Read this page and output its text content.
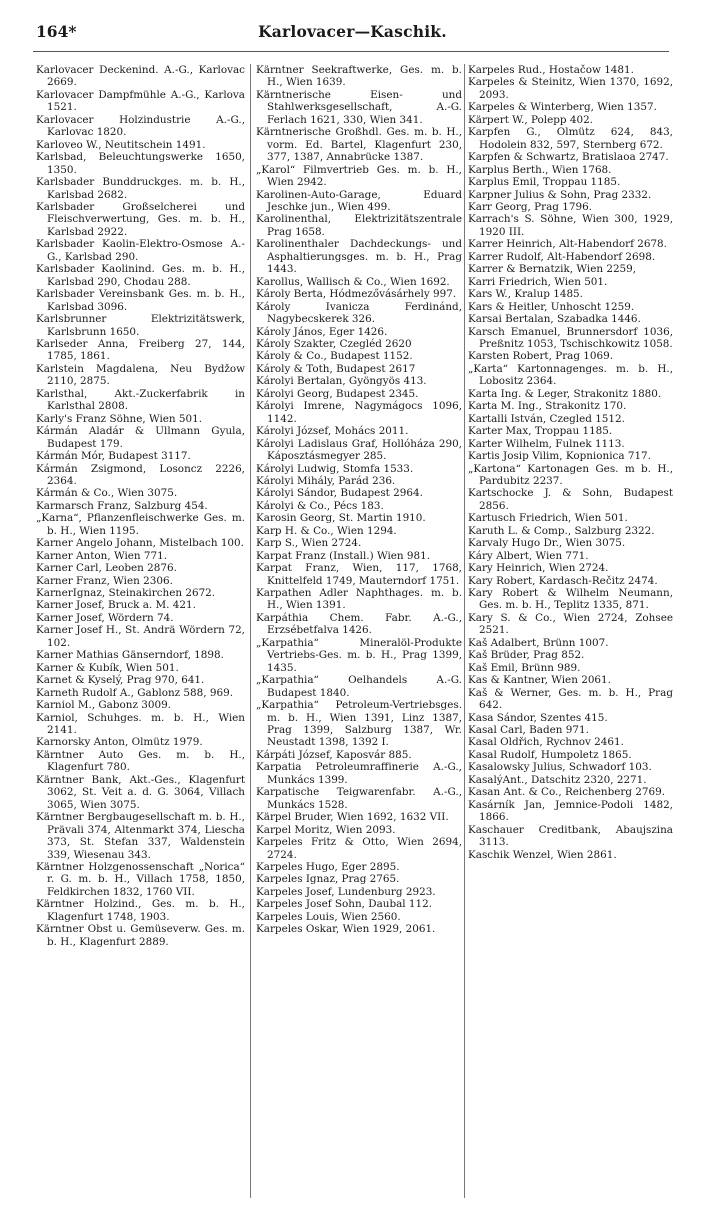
164*	Karlovacer—Kaschik.

Karlovacer Deckenind. A.-G., Karlovac 2669.

Karlovacer Dampfmühle A.-G., Karlova 1521.

Karlovacer Holzindustrie A.-G., Karlovac 1820.

Karloveo W., Neutitschein 1491.

Karlsbad, Beleuchtungswerke 1650, 1350.

Karlsbader Bunddruckges. m. b. H., Karlsbad 2682.

Karlsbader Großselcherei und Fleischverwertung, Ges. m. b. H., Karlsbad 2922.

Karlsbader Kaolin-Elektro-Osmose A.-G., Karlsbad 290.

Karlsbader Kaolinind. Ges. m. b. H., Karlsbad 290, Chodau 288.

Karlsbader Vereinsbank Ges. m. b. H., Karlsbad 3096.

Karlsbrunner Elektrizitätswerk, Karlsbrunn 1650.

Karlseder Anna, Freiberg 27, 144, 1785, 1861.

Karlstein Magdalena, Neu Bydžow 2110, 2875.

Karlsthal, Akt.-Zuckerfabrik in Karlsthal 2808.

Karly's Franz Söhne, Wien 501.

Kármán Aladár & Ullmann Gyula, Budapest 179.

Kármán Mór, Budapest 3117.

Kármán Zsigmond, Losoncz 2226, 2364.

Kármán & Co., Wien 3075.

Karmarsch Franz, Salzburg 454.

„Karna“, Pflanzenfleischwerke Ges. m. b. H., Wien 1195.

Karner Angelo Johann, Mistelbach 100.

Karner Anton, Wien 771.

Karner Carl, Leoben 2876.

Karner Franz, Wien 2306.

KarnerIgnaz, Steinakirchen 2672.

Karner Josef, Bruck a. M. 421.

Karner Josef, Wördern 74.

Karner Josef H., St. Andrä Wördern 72, 102.

Karner Mathias Gänserndorf, 1898.

Karner & Kubík, Wien 501.

Karnet & Kyselý, Prag 970, 641.

Karneth Rudolf A., Gablonz 588, 969.

Karniol M., Gabonz 3009.

Karniol, Schuhges. m. b. H., Wien 2141.

Karnorsky Anton, Olmütz 1979.

Kärntner Auto Ges. m. b. H., Klagenfurt 780.

Kärntner Bank, Akt.-Ges., Klagenfurt 3062, St. Veit a. d. G. 3064, Villach 3065, Wien 3075.

Kärntner Bergbaugesellschaft m. b. H., Prävali 374, Altenmarkt 374, Liescha 373, St. Stefan 337, Waldenstein 339, Wiesenau 343.

Kärntner Holzgenossenschaft „Norica“ r. G. m. b. H., Villach 1758, 1850, Feldkirchen 1832, 1760 VII.

Kärntner Holzind., Ges. m. b. H., Klagenfurt 1748, 1903.

Kärntner Obst u. Gemüseverw. Ges. m. b. H., Klagenfurt 2889.

Kärntner Seekraftwerke, Ges. m. b. H., Wien 1639.

Kärntnerische Eisen- und Stahlwerksgesellschaft, A.-G. Ferlach 1621, 330, Wien 341.

Kärntnerische Großhdl. Ges. m. b. H., vorm. Ed. Bartel, Klagenfurt 230, 377, 1387, Annabrücke 1387.

„Karol“ Filmvertrieb Ges. m. b. H., Wien 2942.

Karolinen-Auto-Garage, Eduard Jeschke jun., Wien 499.

Karolinenthal, Elektrizitätszentrale Prag 1658.

Karolinenthaler Dachdeckungs- und Asphaltierungsges. m. b. H., Prag 1443.

Karollus, Wallisch & Co., Wien 1692.

Károly Berta, Hódmezővásárhely 997.

Károly Ivanicza Ferdinánd, Nagybecskerek 326.

Károly János, Eger 1426.

Károly Szakter, Czegléd 2620

Károly & Co., Budapest 1152.

Károly & Toth, Budapest 2617

Károlyi Bertalan, Gyöngyös 413.

Károlyi Georg, Budapest 2345.

Károlyi Imrene, Nagymágocs 1096, 1142.

Károlyi József, Mohács 2011.

Károlyi Ladislaus Graf, Hollóháza 290, Káposztásmegyer 285.

Károlyi Ludwig, Stomfa 1533.

Károlyi Mihály, Parád 236.

Károlyi Sándor, Budapest 2964.

Károlyi & Co., Pécs 183.

Karosin Georg, St. Martin 1910.

Karp H. & Co., Wien 1294.

Karp S., Wien 2724.

Karpat Franz (Install.) Wien 981.

Karpat Franz, Wien, 117, 1768, Knittelfeld 1749, Mauterndorf 1751.

Karpathen Adler Naphthages. m. b. H., Wien 1391.

Karpáthia Chem. Fabr. A.-G., Erzsébetfalva 1426.

„Karpathia“ Mineralöl-Produkte Vertriebs-Ges. m. b. H., Prag 1399, 1435.

„Karpathia“ Oelhandels A.-G. Budapest 1840.

„Karpathia“ Petroleum-Vertriebsges. m. b. H., Wien 1391, Linz 1387, Prag 1399, Salzburg 1387, Wr. Neustadt 1398, 1392 I.

Kárpáti József, Kaposvár 885.

Karpatia Petroleumraffinerie A.-G., Munkács 1399.

Karpatische Teigwarenfabr. A.-G., Munkács 1528.

Kärpel Bruder, Wien 1692, 1632 VII.

Karpel Moritz, Wien 2093.

Karpeles Fritz & Otto, Wien 2694, 2724.

Karpeles Hugo, Eger 2895.

Karpeles Ignaz, Prag 2765.

Karpeles Josef, Lundenburg 2923.

Karpeles Josef Sohn, Daubal 112.

Karpeles Louis, Wien 2560.

Karpeles Oskar, Wien 1929, 2061.

Karpeles Rud., Hostačow 1481.

Karpeles & Steinitz, Wien 1370, 1692, 2093.

Karpeles & Winterberg, Wien 1357.

Kärpert W., Polepp 402.

Karpfen G., Olmütz 624, 843, Hodolein 832, 597, Sternberg 672.

Karpfen & Schwartz, Bratislaoa 2747.

Karplus Berth., Wien 1768.

Karplus Emil, Troppau 1185.

Karpner Julius & Sohn, Prag 2332.

Karr Georg, Prag 1796.

Karrach's S. Söhne, Wien 300, 1929, 1920 III.

Karrer Heinrich, Alt-Habendorf 2678.

Karrer Rudolf, Alt-Habendorf 2698.

Karrer & Bernatzik, Wien 2259,

Karri Friedrich, Wien 501.

Kars W., Kralup 1485.

Kars & Heitler, Unhoscht 1259.

Karsai Bertalan, Szabadka 1446.

Karsch Emanuel, Brunnersdorf 1036, Preßnitz 1053, Tschischkowitz 1058.

Karsten Robert, Prag 1069.

„Karta“ Kartonnagenges. m. b. H., Lobositz 2364.

Karta Ing. & Leger, Strakonitz 1880.

Karta M. Ing., Strakonitz 170.

Kartalli István, Czegled 1512.

Karter Max, Troppau 1185.

Karter Wilhelm, Fulnek 1113.

Kartis Josip Vilim, Kopnionica 717.

„Kartona“ Kartonagen Ges. m b. H., Pardubitz 2237.

Kartschocke J. & Sohn, Budapest 2856.

Kartusch Friedrich, Wien 501.

Karuth L. & Comp., Salzburg 2322.

Karvaly Hugo Dr., Wien 3075.

Káry Albert, Wien 771.

Kary Heinrich, Wien 2724.

Kary Robert, Kardasch-Rečitz 2474.

Kary Robert & Wilhelm Neumann, Ges. m. b. H., Teplitz 1335, 871.

Kary S. & Co., Wien 2724, Zohsee 2521.

Kaš Adalbert, Brünn 1007.

Kaš Brüder, Prag 852.

Kaš Emil, Brünn 989.

Kas & Kantner, Wien 2061.

Kaš & Werner, Ges. m. b. H., Prag 642.

Kasa Sándor, Szentes 415.

Kasal Carl, Baden 971.

Kasal Oldřich, Rychnov 2461.

Kasal Rudolf, Humpoletz 1865.

Kasalowsky Julius, Schwadorf 103.

KasalýAnt., Datschitz 2320, 2271.

Kasan Ant. & Co., Reichenberg 2769.

Kasárník Jan, Jemnice-Podoli 1482, 1866.

Kaschauer Creditbank, Abaujszina 3113.

Kaschik Wenzel, Wien 2861.
